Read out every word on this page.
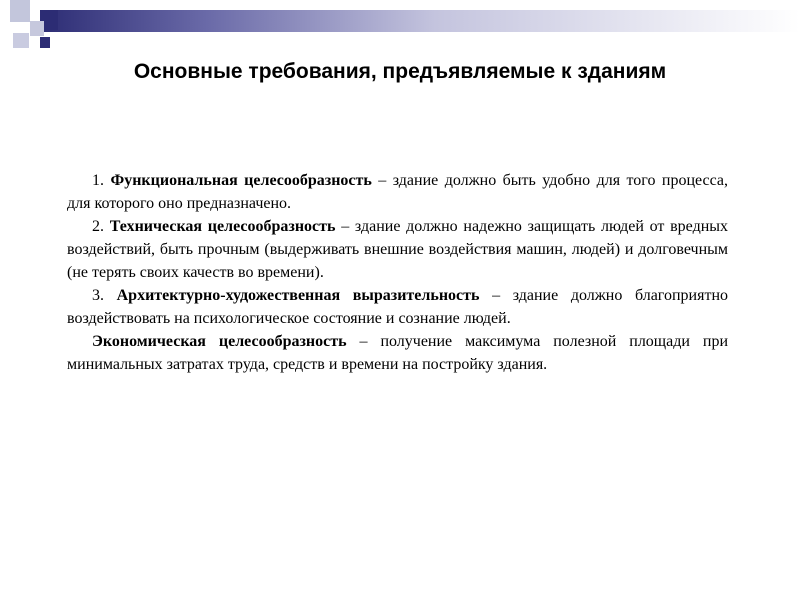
Основные требования, предъявляемые к зданиям

1. Функциональная целесообразность – здание должно быть удобно для того процесса, для которого оно предназначено.

2. Техническая целесообразность – здание должно надежно защищать людей от вредных воздействий, быть прочным (выдерживать внешние воздействия машин, людей) и долговечным (не терять своих качеств во времени).

3. Архитектурно-художественная выразительность – здание должно благоприятно воздействовать на психологическое состояние и сознание людей.

Экономическая целесообразность – получение максимума полезной площади при минимальных затратах труда, средств и времени на постройку здания.
